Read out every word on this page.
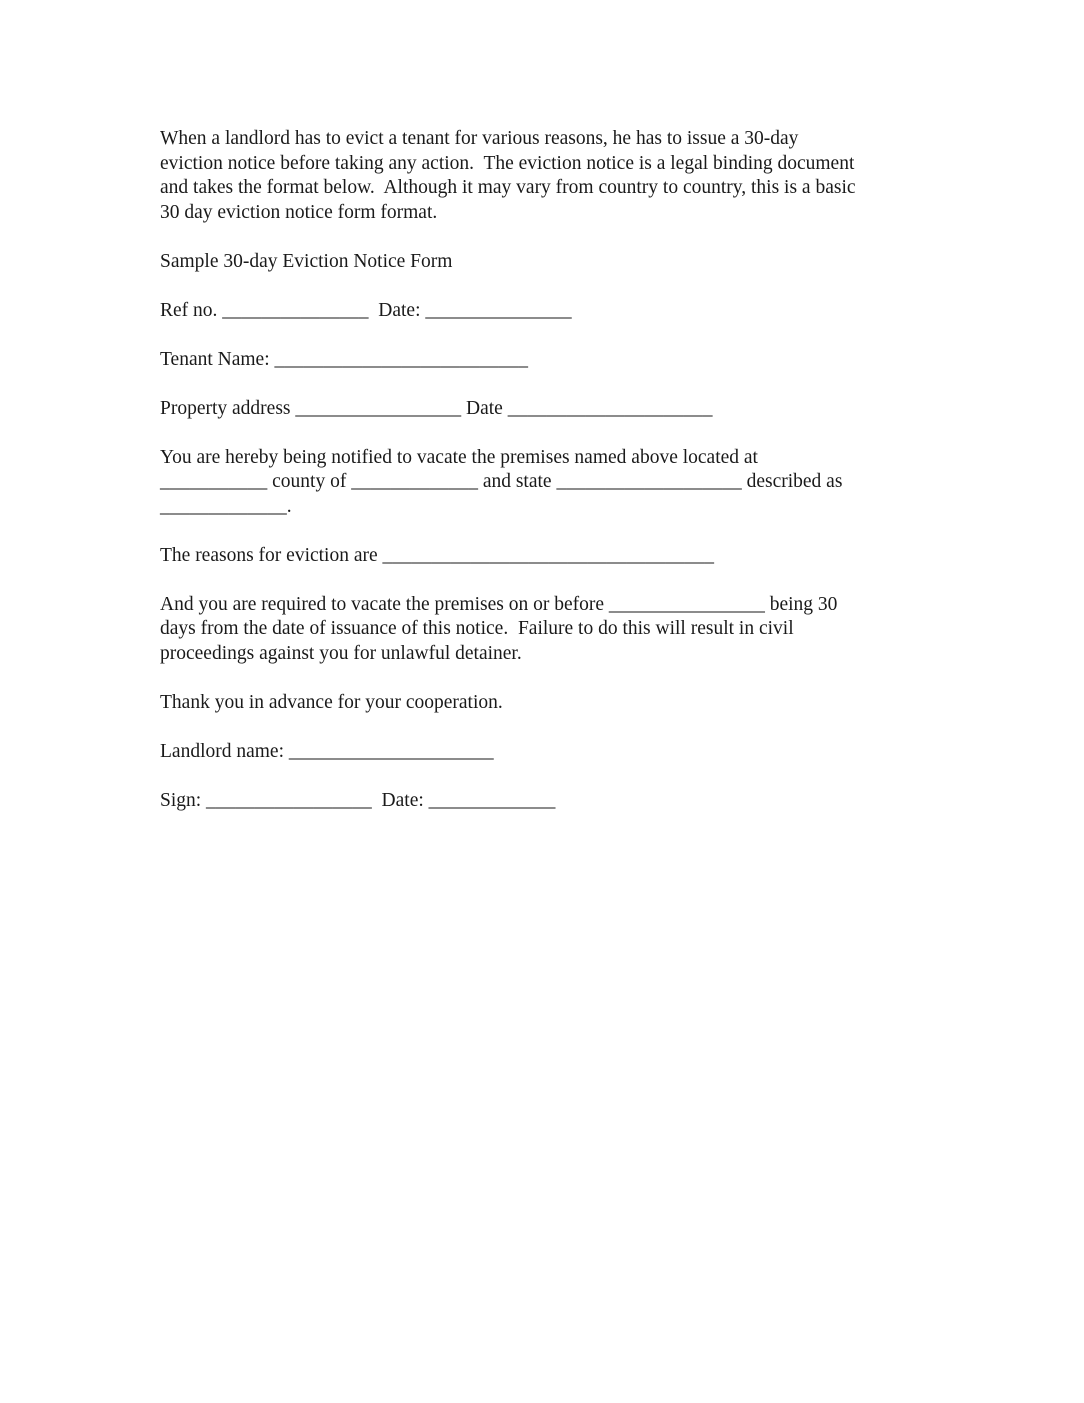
When a landlord has to evict a tenant for various reasons, he has to issue a 30-day
eviction notice before taking any action.  The eviction notice is a legal binding document
and takes the format below.  Although it may vary from country to country, this is a basic
30 day eviction notice form format.

Sample 30-day Eviction Notice Form

Ref no. _______________  Date: _______________

Tenant Name: __________________________

Property address _________________ Date _____________________

You are hereby being notified to vacate the premises named above located at
___________ county of _____________ and state ___________________ described as
_____________.

The reasons for eviction are __________________________________

And you are required to vacate the premises on or before ________________ being 30
days from the date of issuance of this notice.  Failure to do this will result in civil
proceedings against you for unlawful detainer.

Thank you in advance for your cooperation.

Landlord name: _____________________

Sign: _________________  Date: _____________
